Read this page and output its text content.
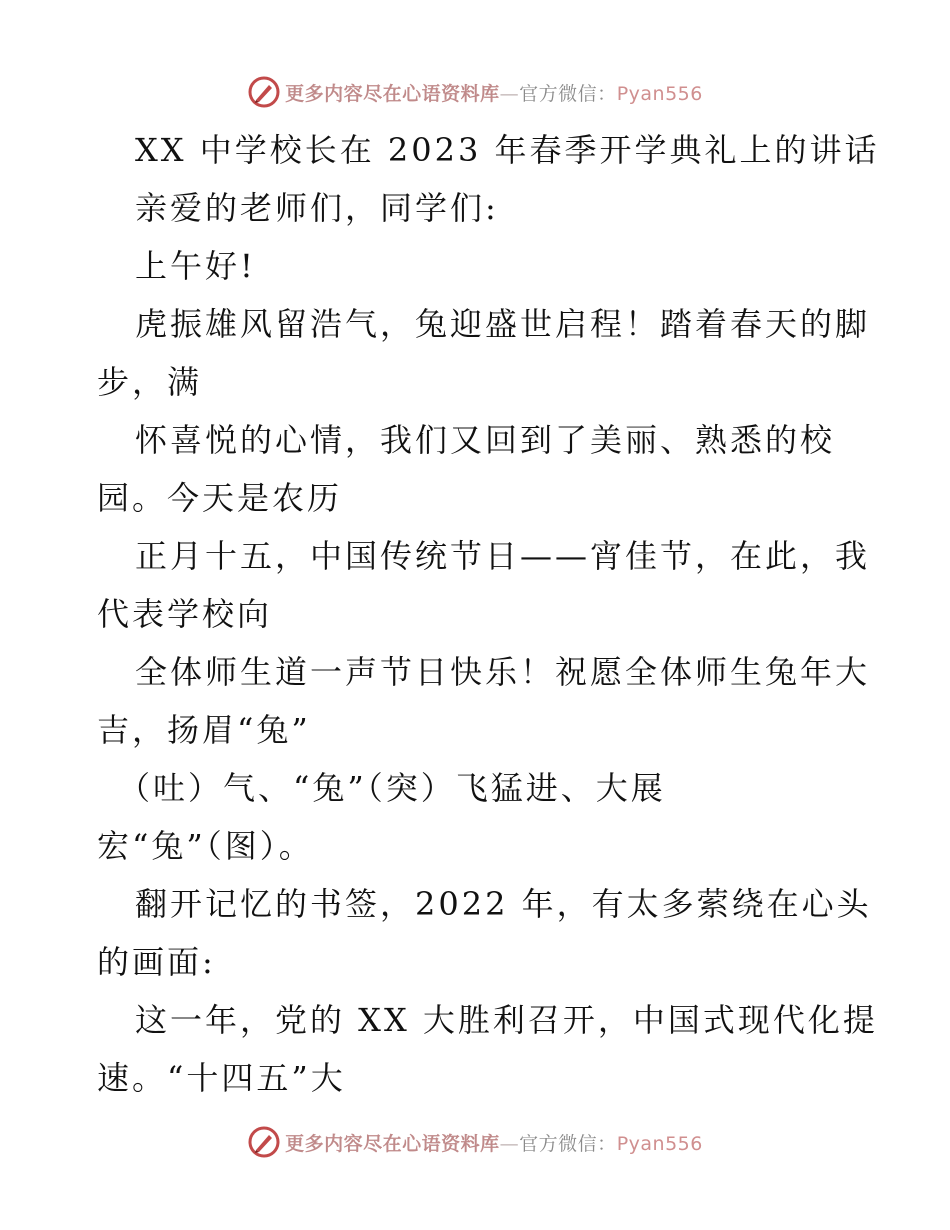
更多内容尽在心语资料库—官方微信：Pyan556
XX 中学校长在 2023 年春季开学典礼上的讲话
亲爱的老师们，同学们:
上午好!
虎振雄风留浩气，兔迎盛世启程！踏着春天的脚
步，满
怀喜悦的心情，我们又回到了美丽、熟悉的校
园。今天是农历
正月十五，中国传统节日——宵佳节，在此，我
代表学校向
全体师生道一声节日快乐！祝愿全体师生兔年大
吉，扬眉“兔”
（吐）气、“兔”（突）飞猛进、大展
宏“兔”（图）。
翻开记忆的书签，2022 年，有太多萦绕在心头
的画面:
这一年，党的 XX 大胜利召开，中国式现代化提
速。“十四五”大
更多内容尽在心语资料库—官方微信：Pyan556
